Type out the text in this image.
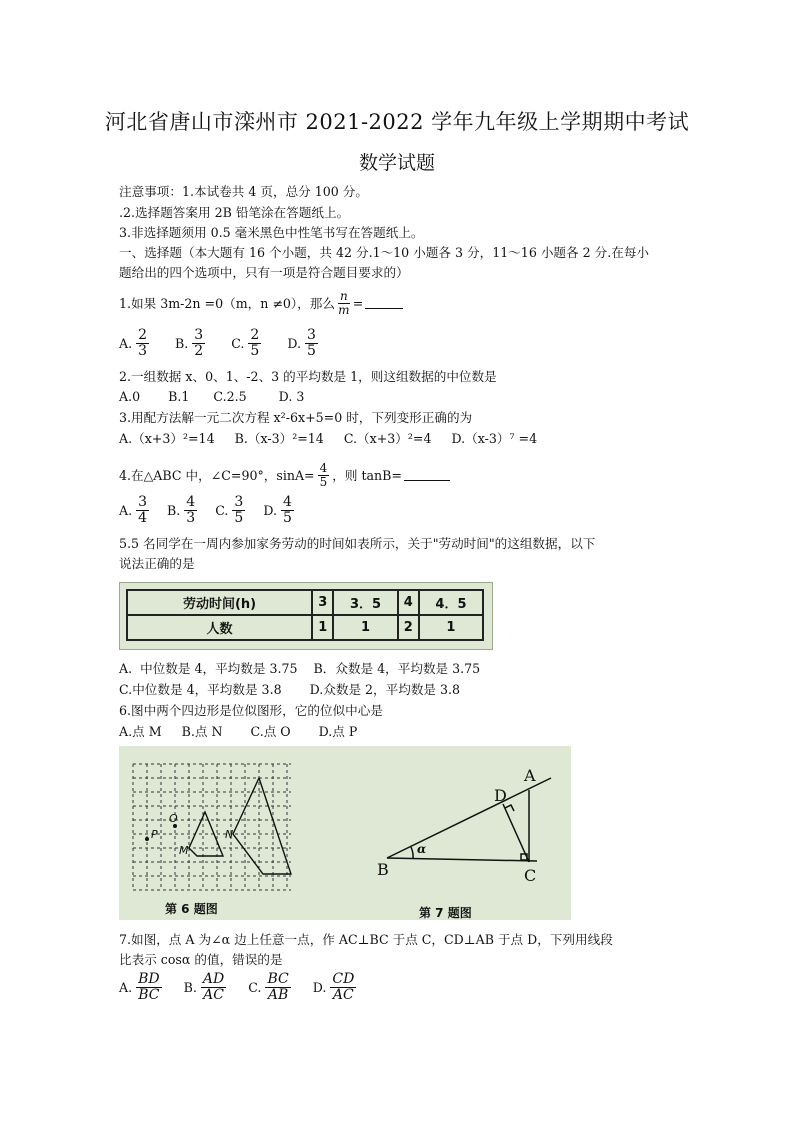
河北省唐山市滦州市 2021-2022 学年九年级上学期期中考试
数学试题
注意事项：1.本试卷共 4 页，总分 100 分。
.2.选择题答案用 2B 铅笔涂在答题纸上。
3.非选择题须用 0.5 毫米黑色中性笔书写在答题纸上。
一、选择题（本大题有 16 个小题，共 42 分.1～10 小题各 3 分，11～16 小题各 2 分.在每小
题给出的四个选项中，只有一项是符合题目要求的）
1.如果 3m-2n =0（m，n ≠0），那么 $\frac{n}{m}$ =
A. $\frac{2}{3} B$. $\frac{3}{2} C$. $\frac{2}{5} D$. $\frac{3}{5}$
2.一组数据 x、0、1、-2、3 的平均数是 1，则这组数据的中位数是
A.0       B.1      C.2.5        D. 3
3.用配方法解一元二次方程 x²-6x+5=0 时，下列变形正确的为
A.（x+3）²=14     B.（x-3）²=14     C.（x+3）²=4     D.（x-3）⁷ =4
4.在△ABC 中，∠C=90°，$\sin A= \frac{4}{5}$ ，则 tanB=
A. $\frac{3}{4} B$. $\frac{4}{3} C$. $\frac{3}{5} D$. $\frac{4}{5}$
5.5 名同学在一周内参加家务劳动的时间如表所示，关于"劳动时间"的这组数据，以下
说法正确的是
劳动时间(h)	3	3．5	4	4．5
人数	1	1	2	1
A.  中位数是 4，平均数是 3.75    B．众数是 4，平均数是 3.75
C.中位数是 4，平均数是 3.8       D.众数是 2，平均数是 3.8
6.图中两个四边形是位似图形，它的位似中心是
A.点 M     B.点 N       C.点 O       D.点 P
P
O
M
N
第 6 题图
A
D
B	C
α
第 7 题图
7.如图，点 A 为∠α 边上任意一点，作 AC⊥BC 于点 C，CD⊥AB 于点 D，下列用线段
比表示 cosα 的值，错误的是
A. $\frac{BD}{BC} B$. $\frac{AD}{AC} C$. $\frac{BC}{AB} D$. $\frac{CD}{AC}$
